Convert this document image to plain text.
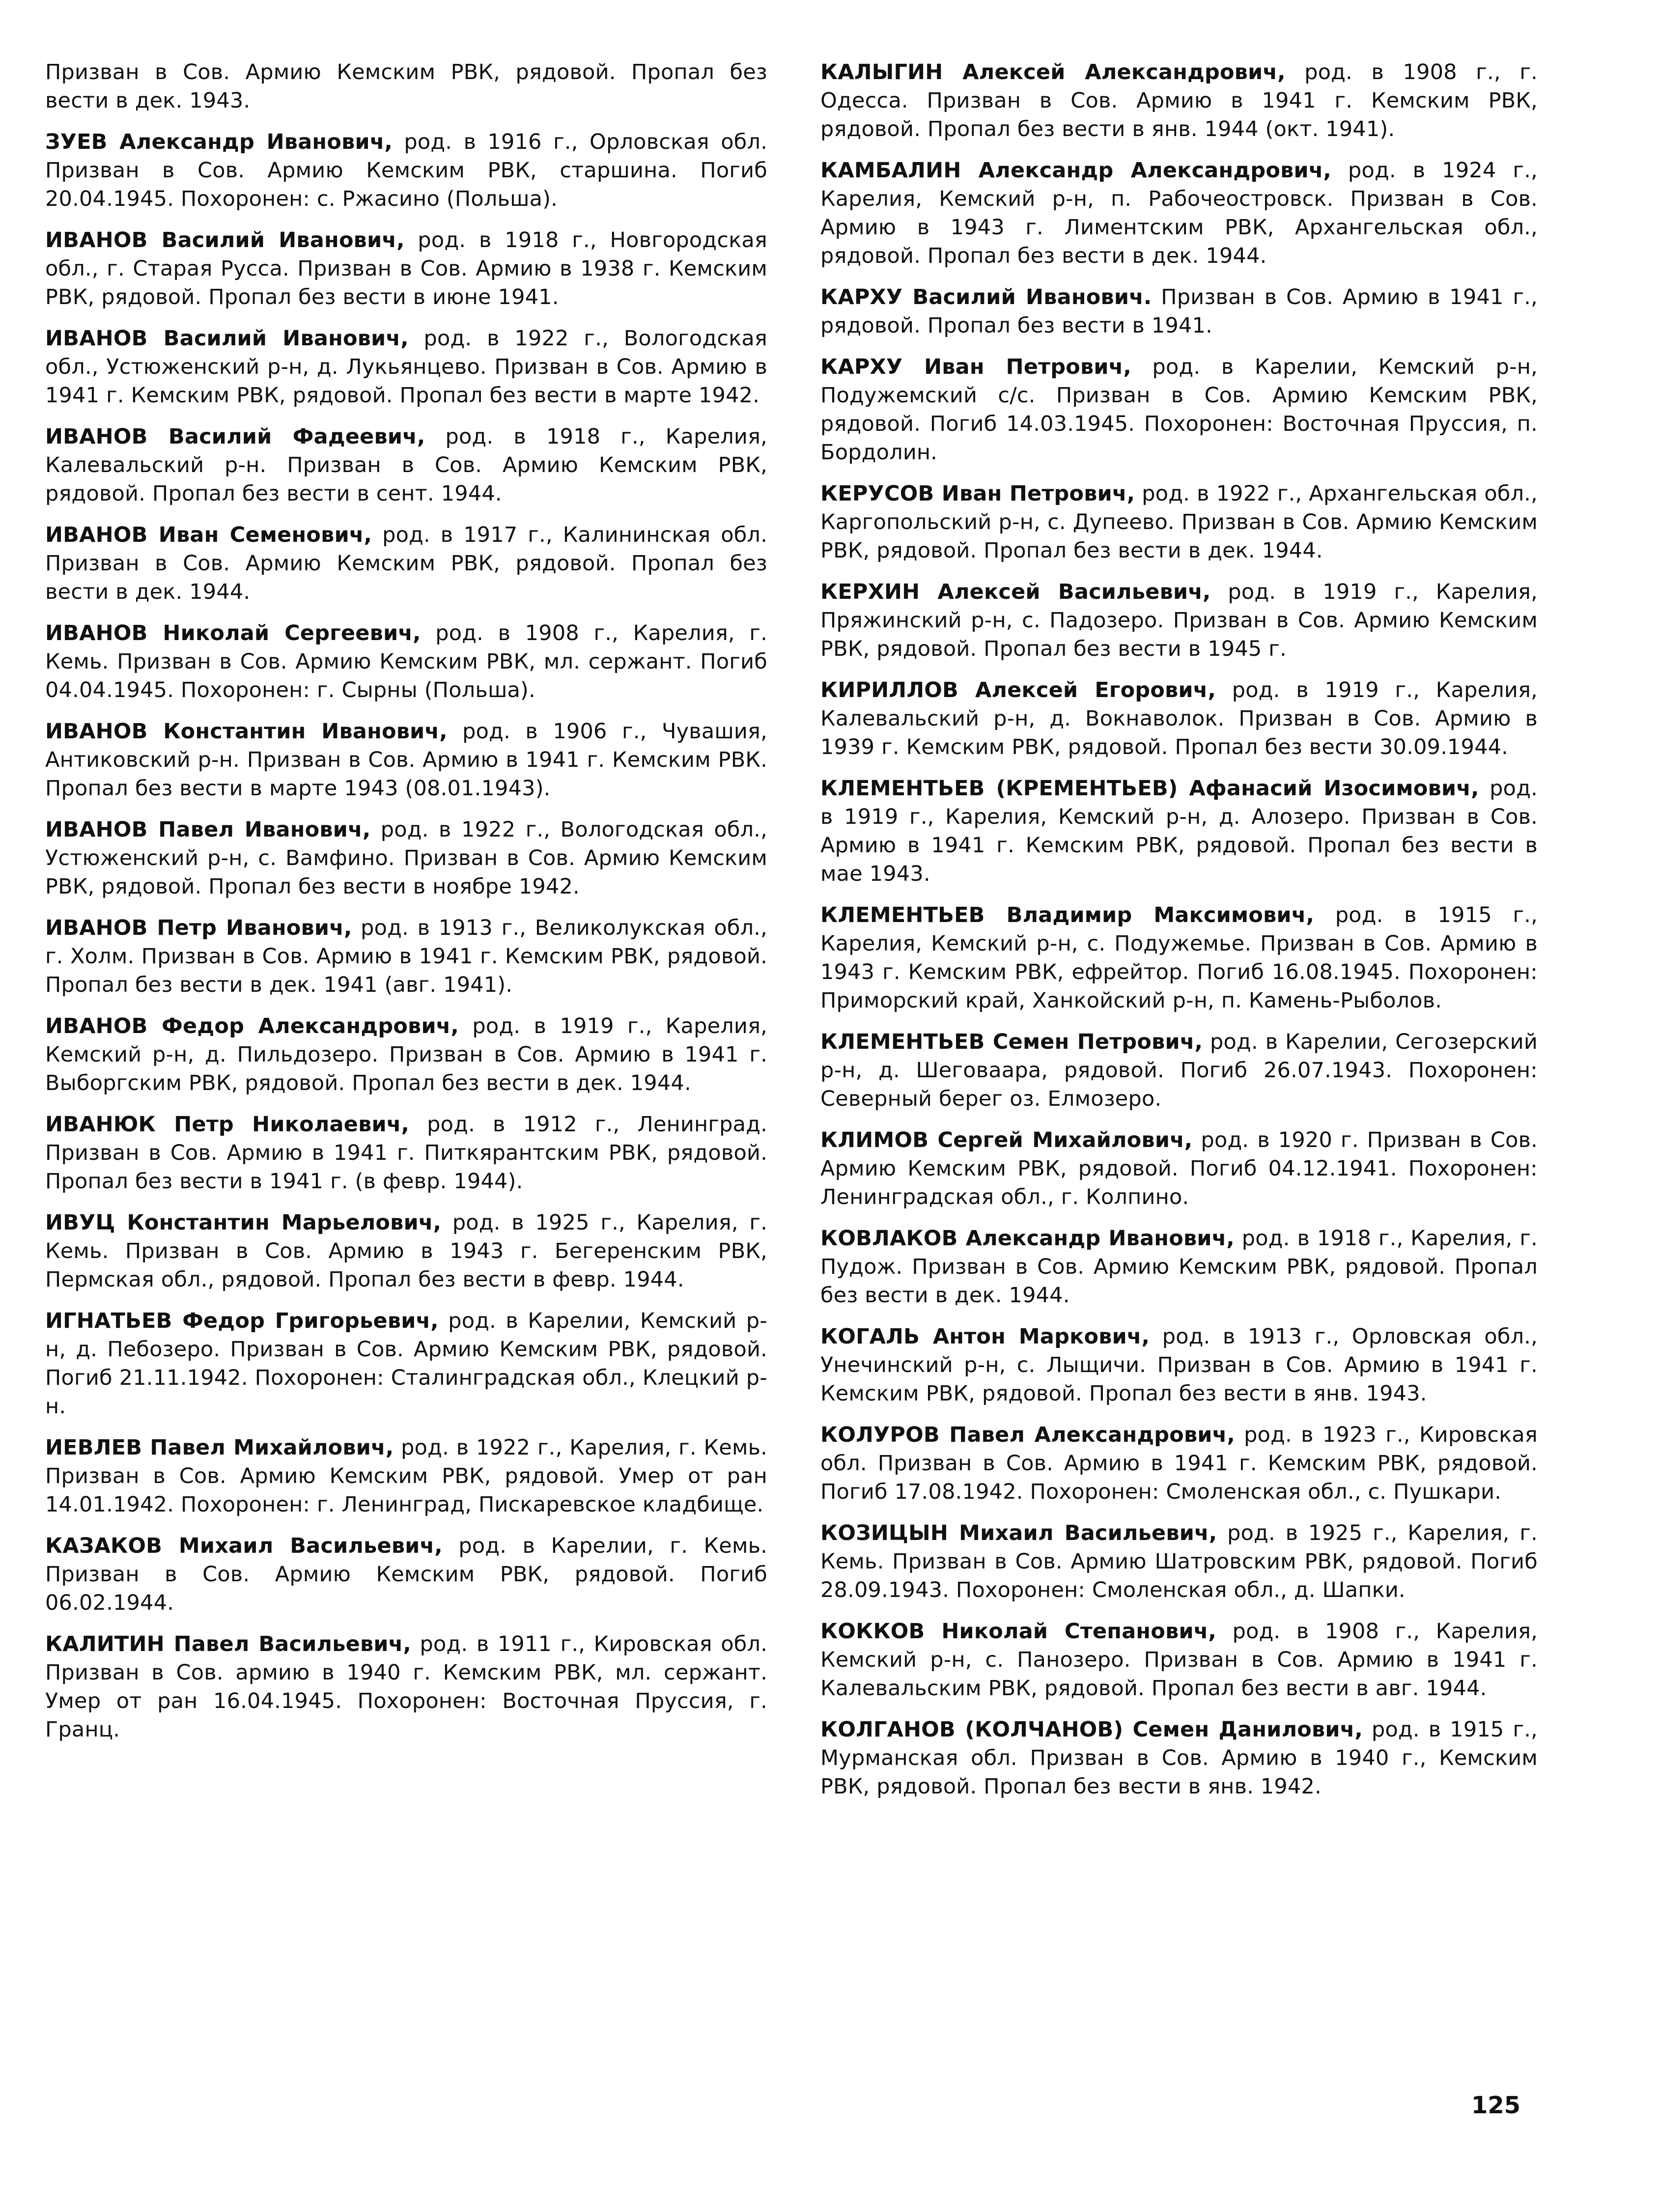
Призван в Сов. Армию Кемским РВК, рядовой. Пропал без вести в дек. 1943.

ЗУЕВ Александр Иванович, род. в 1916 г., Орловская обл. Призван в Сов. Армию Кемским РВК, старшина. Погиб 20.04.1945. Похоронен: с. Ржасино (Польша).

ИВАНОВ Василий Иванович, род. в 1918 г., Новгородская обл., г. Старая Русса. Призван в Сов. Армию в 1938 г. Кемским РВК, рядовой. Пропал без вести в июне 1941.

ИВАНОВ Василий Иванович, род. в 1922 г., Вологодская обл., Устюженский р-н, д. Лукьянцево. Призван в Сов. Армию в 1941 г. Кемским РВК, рядовой. Пропал без вести в марте 1942.

ИВАНОВ Василий Фадеевич, род. в 1918 г., Карелия, Калевальский р-н. Призван в Сов. Армию Кемским РВК, рядовой. Пропал без вести в сент. 1944.

ИВАНОВ Иван Семенович, род. в 1917 г., Калининская обл. Призван в Сов. Армию Кемским РВК, рядовой. Пропал без вести в дек. 1944.

ИВАНОВ Николай Сергеевич, род. в 1908 г., Карелия, г. Кемь. Призван в Сов. Армию Кемским РВК, мл. сержант. Погиб 04.04.1945. Похоронен: г. Сырны (Польша).

ИВАНОВ Константин Иванович, род. в 1906 г., Чувашия, Антиковский р-н. Призван в Сов. Армию в 1941 г. Кемским РВК. Пропал без вести в марте 1943 (08.01.1943).

ИВАНОВ Павел Иванович, род. в 1922 г., Вологодская обл., Устюженский р-н, с. Вамфино. Призван в Сов. Армию Кемским РВК, рядовой. Пропал без вести в ноябре 1942.

ИВАНОВ Петр Иванович, род. в 1913 г., Великолукская обл., г. Холм. Призван в Сов. Армию в 1941 г. Кемским РВК, рядовой. Пропал без вести в дек. 1941 (авг. 1941).

ИВАНОВ Федор Александрович, род. в 1919 г., Карелия, Кемский р-н, д. Пильдозеро. Призван в Сов. Армию в 1941 г. Выборгским РВК, рядовой. Пропал без вести в дек. 1944.

ИВАНЮК Петр Николаевич, род. в 1912 г., Ленинград. Призван в Сов. Армию в 1941 г. Питкярантским РВК, рядовой. Пропал без вести в 1941 г. (в февр. 1944).

ИВУЦ Константин Марьелович, род. в 1925 г., Карелия, г. Кемь. Призван в Сов. Армию в 1943 г. Бегеренским РВК, Пермская обл., рядовой. Пропал без вести в февр. 1944.

ИГНАТЬЕВ Федор Григорьевич, род. в Карелии, Кемский р-н, д. Пебозеро. Призван в Сов. Армию Кемским РВК, рядовой. Погиб 21.11.1942. Похоронен: Сталинградская обл., Клецкий р-н.

ИЕВЛЕВ Павел Михайлович, род. в 1922 г., Карелия, г. Кемь. Призван в Сов. Армию Кемским РВК, рядовой. Умер от ран 14.01.1942. Похоронен: г. Ленинград, Пискаревское кладбище.

КАЗАКОВ Михаил Васильевич, род. в Карелии, г. Кемь. Призван в Сов. Армию Кемским РВК, рядовой. Погиб 06.02.1944.

КАЛИТИН Павел Васильевич, род. в 1911 г., Кировская обл. Призван в Сов. армию в 1940 г. Кемским РВК, мл. сержант. Умер от ран 16.04.1945. Похоронен: Восточная Пруссия, г. Гранц.

КАЛЫГИН Алексей Александрович, род. в 1908 г., г. Одесса. Призван в Сов. Армию в 1941 г. Кемским РВК, рядовой. Пропал без вести в янв. 1944 (окт. 1941).

КАМБАЛИН Александр Александрович, род. в 1924 г., Карелия, Кемский р-н, п. Рабочеостровск. Призван в Сов. Армию в 1943 г. Лиментским РВК, Архангельская обл., рядовой. Пропал без вести в дек. 1944.

КАРХУ Василий Иванович. Призван в Сов. Армию в 1941 г., рядовой. Пропал без вести в 1941.

КАРХУ Иван Петрович, род. в Карелии, Кемский р-н, Подужемский с/с. Призван в Сов. Армию Кемским РВК, рядовой. Погиб 14.03.1945. Похоронен: Восточная Пруссия, п. Бордолин.

КЕРУСОВ Иван Петрович, род. в 1922 г., Архангельская обл., Каргопольский р-н, с. Дупеево. Призван в Сов. Армию Кемским РВК, рядовой. Пропал без вести в дек. 1944.

КЕРХИН Алексей Васильевич, род. в 1919 г., Карелия, Пряжинский р-н, с. Падозеро. Призван в Сов. Армию Кемским РВК, рядовой. Пропал без вести в 1945 г.

КИРИЛЛОВ Алексей Егорович, род. в 1919 г., Карелия, Калевальский р-н, д. Вокнаволок. Призван в Сов. Армию в 1939 г. Кемским РВК, рядовой. Пропал без вести 30.09.1944.

КЛЕМЕНТЬЕВ (КРЕМЕНТЬЕВ) Афанасий Изосимович, род. в 1919 г., Карелия, Кемский р-н, д. Алозеро. Призван в Сов. Армию в 1941 г. Кемским РВК, рядовой. Пропал без вести в мае 1943.

КЛЕМЕНТЬЕВ Владимир Максимович, род. в 1915 г., Карелия, Кемский р-н, с. Подужемье. Призван в Сов. Армию в 1943 г. Кемским РВК, ефрейтор. Погиб 16.08.1945. Похоронен: Приморский край, Ханкойский р-н, п. Камень-Рыболов.

КЛЕМЕНТЬЕВ Семен Петрович, род. в Карелии, Сегозерский р-н, д. Шеговаара, рядовой. Погиб 26.07.1943. Похоронен: Северный берег оз. Елмозеро.

КЛИМОВ Сергей Михайлович, род. в 1920 г. Призван в Сов. Армию Кемским РВК, рядовой. Погиб 04.12.1941. Похоронен: Ленинградская обл., г. Колпино.

КОВЛАКОВ Александр Иванович, род. в 1918 г., Карелия, г. Пудож. Призван в Сов. Армию Кемским РВК, рядовой. Пропал без вести в дек. 1944.

КОГАЛЬ Антон Маркович, род. в 1913 г., Орловская обл., Унечинский р-н, с. Лыщичи. Призван в Сов. Армию в 1941 г. Кемским РВК, рядовой. Пропал без вести в янв. 1943.

КОЛУРОВ Павел Александрович, род. в 1923 г., Кировская обл. Призван в Сов. Армию в 1941 г. Кемским РВК, рядовой. Погиб 17.08.1942. Похоронен: Смоленская обл., с. Пушкари.

КОЗИЦЫН Михаил Васильевич, род. в 1925 г., Карелия, г. Кемь. Призван в Сов. Армию Шатровским РВК, рядовой. Погиб 28.09.1943. Похоронен: Смоленская обл., д. Шапки.

КОККОВ Николай Степанович, род. в 1908 г., Карелия, Кемский р-н, с. Панозеро. Призван в Сов. Армию в 1941 г. Калевальским РВК, рядовой. Пропал без вести в авг. 1944.

КОЛГАНОВ (КОЛЧАНОВ) Семен Данилович, род. в 1915 г., Мурманская обл. Призван в Сов. Армию в 1940 г., Кемским РВК, рядовой. Пропал без вести в янв. 1942.

125
